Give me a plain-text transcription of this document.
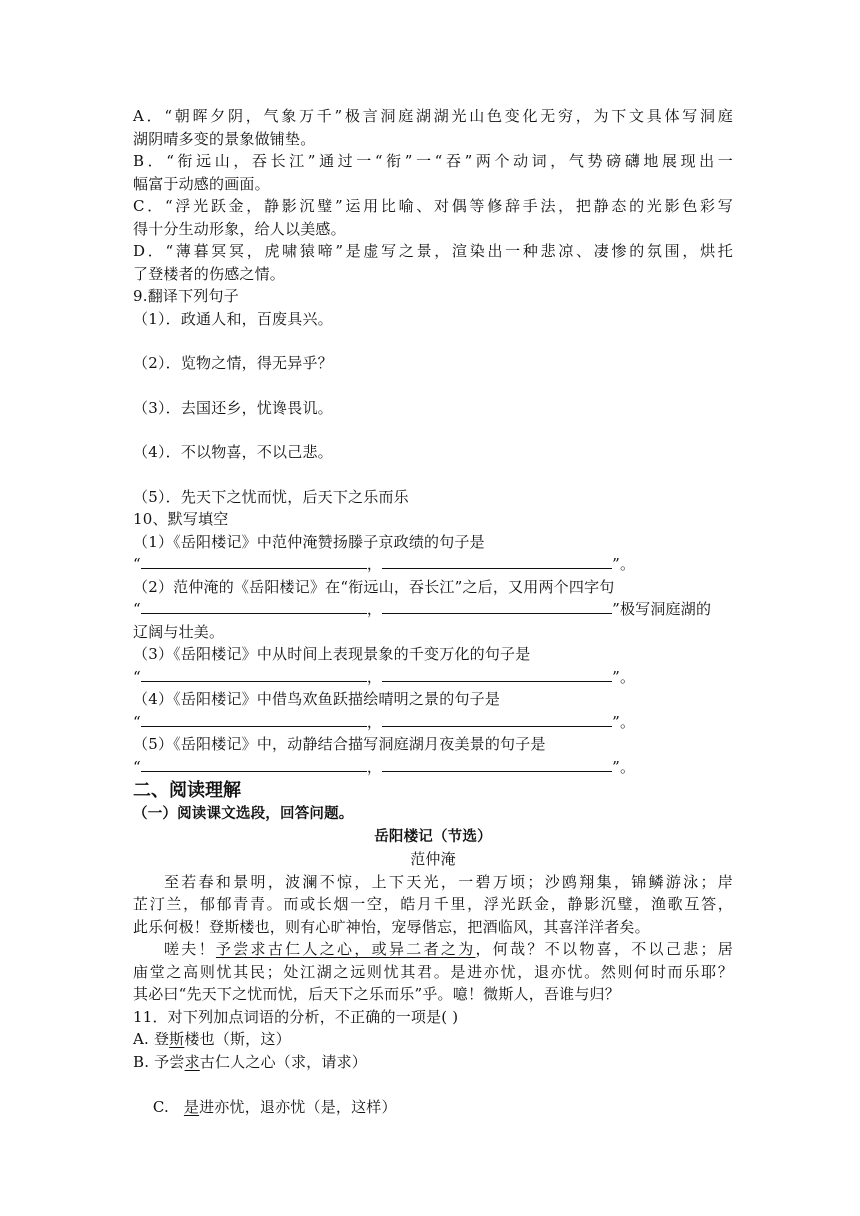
A．“朝晖夕阴，气象万千”极言洞庭湖湖光山色变化无穷，为下文具体写洞庭
湖阴晴多变的景象做铺垫。
B．“衔远山，吞长江”通过一“衔”一“吞”两个动词，气势磅礴地展现出一
幅富于动感的画面。
C．“浮光跃金，静影沉璧”运用比喻、对偶等修辞手法，把静态的光影色彩写
得十分生动形象，给人以美感。
D．“薄暮冥冥，虎啸猿啼”是虚写之景，渲染出一种悲凉、凄惨的氛围，烘托
了登楼者的伤感之情。
9.翻译下列句子
（1）．政通人和，百废具兴。
（2）．览物之情，得无异乎？
（3）．去国还乡，忧谗畏讥。
（4）．不以物喜，不以己悲。
（5）．先天下之忧而忧，后天下之乐而乐
10、默写填空
（1）《岳阳楼记》中范仲淹赞扬滕子京政绩的句子是
“	，	”。
（2）范仲淹的《岳阳楼记》在“衔远山，吞长江”之后，又用两个四字句
“	，	”极写洞庭湖的
辽阔与壮美。
（3）《岳阳楼记》中从时间上表现景象的千变万化的句子是
“	，	”。
（4）《岳阳楼记》中借鸟欢鱼跃描绘晴明之景的句子是
“	，	”。
（5）《岳阳楼记》中，动静结合描写洞庭湖月夜美景的句子是
“	，	”。
二、阅读理解
（一）阅读课文选段，回答问题。
岳阳楼记（节选）
范仲淹
至若春和景明，波澜不惊，上下天光，一碧万顷；沙鸥翔集，锦鳞游泳；岸
芷汀兰，郁郁青青。而或长烟一空，皓月千里，浮光跃金，静影沉璧，渔歌互答，
此乐何极！登斯楼也，则有心旷神怡，宠辱偕忘，把酒临风，其喜洋洋者矣。
嗟夫！予尝求古仁人之心，或异二者之为，何哉？不以物喜，不以己悲；居
庙堂之高则忧其民；处江湖之远则忧其君。是进亦忧，退亦忧。然则何时而乐耶？
其必曰“先天下之忧而忧，后天下之乐而乐”乎。噫！微斯人，吾谁与归？
11．对下列加点词语的分析，不正确的一项是( )
A. 登斯楼也（斯，这）
B. 予尝求古仁人之心（求，请求）

C.   是进亦忧，退亦忧（是，这样）
